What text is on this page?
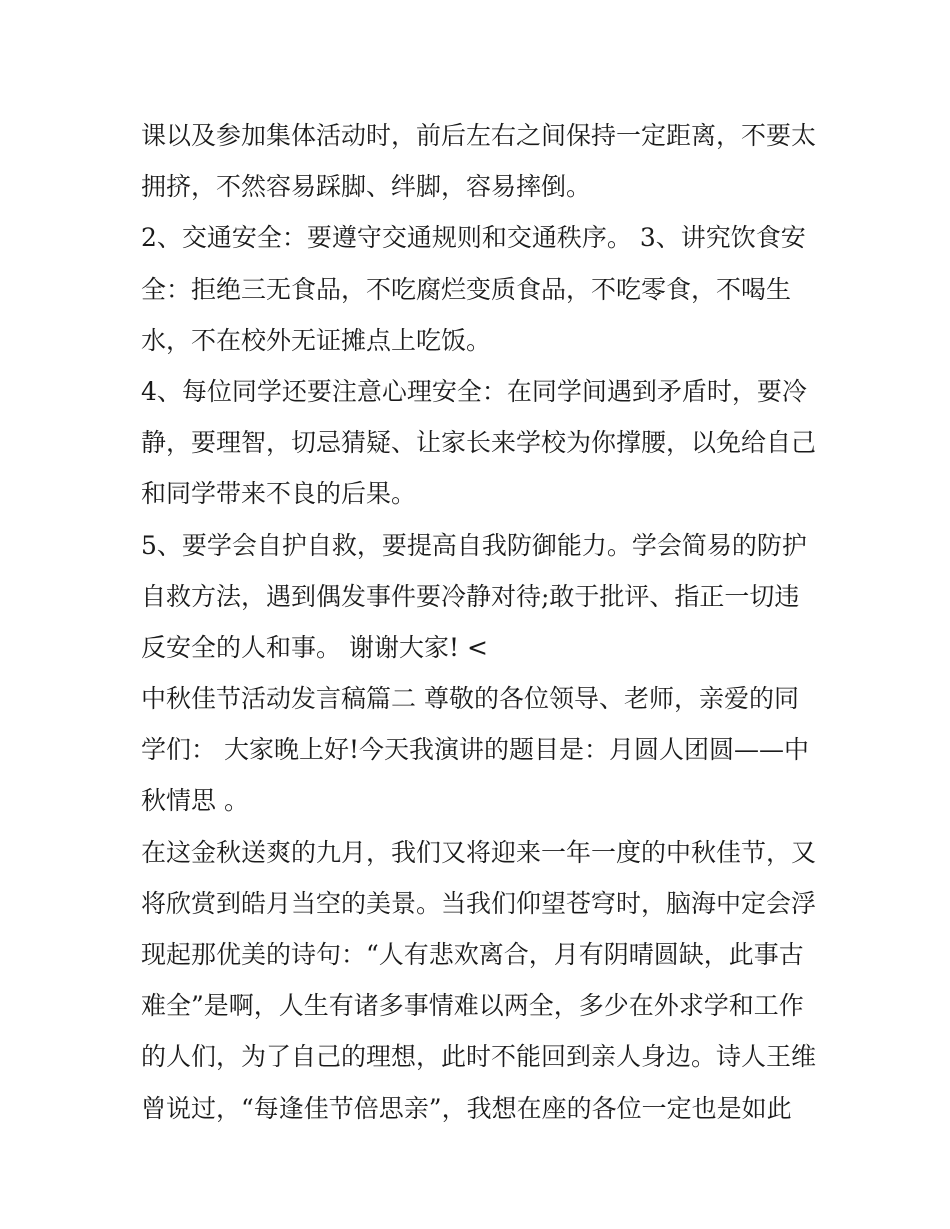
课以及参加集体活动时，前后左右之间保持一定距离，不要太
拥挤，不然容易踩脚、绊脚，容易摔倒。
2、交通安全：要遵守交通规则和交通秩序。 3、讲究饮食安
全：拒绝三无食品，不吃腐烂变质食品，不吃零食，不喝生
水，不在校外无证摊点上吃饭。
4、每位同学还要注意心理安全：在同学间遇到矛盾时，要冷
静，要理智，切忌猜疑、让家长来学校为你撑腰，以免给自己
和同学带来不良的后果。
5、要学会自护自救，要提高自我防御能力。学会简易的防护
自救方法，遇到偶发事件要冷静对待;敢于批评、指正一切违
反安全的人和事。 谢谢大家! <
中秋佳节活动发言稿篇二 尊敬的各位领导、老师，亲爱的同
学们： 大家晚上好!今天我演讲的题目是：月圆人团圆——中
秋情思 。
在这金秋送爽的九月，我们又将迎来一年一度的中秋佳节，又
将欣赏到皓月当空的美景。当我们仰望苍穹时，脑海中定会浮
现起那优美的诗句：“人有悲欢离合，月有阴晴圆缺，此事古
难全”是啊，人生有诸多事情难以两全，多少在外求学和工作
的人们，为了自己的理想，此时不能回到亲人身边。诗人王维
曾说过，“每逢佳节倍思亲”，我想在座的各位一定也是如此
